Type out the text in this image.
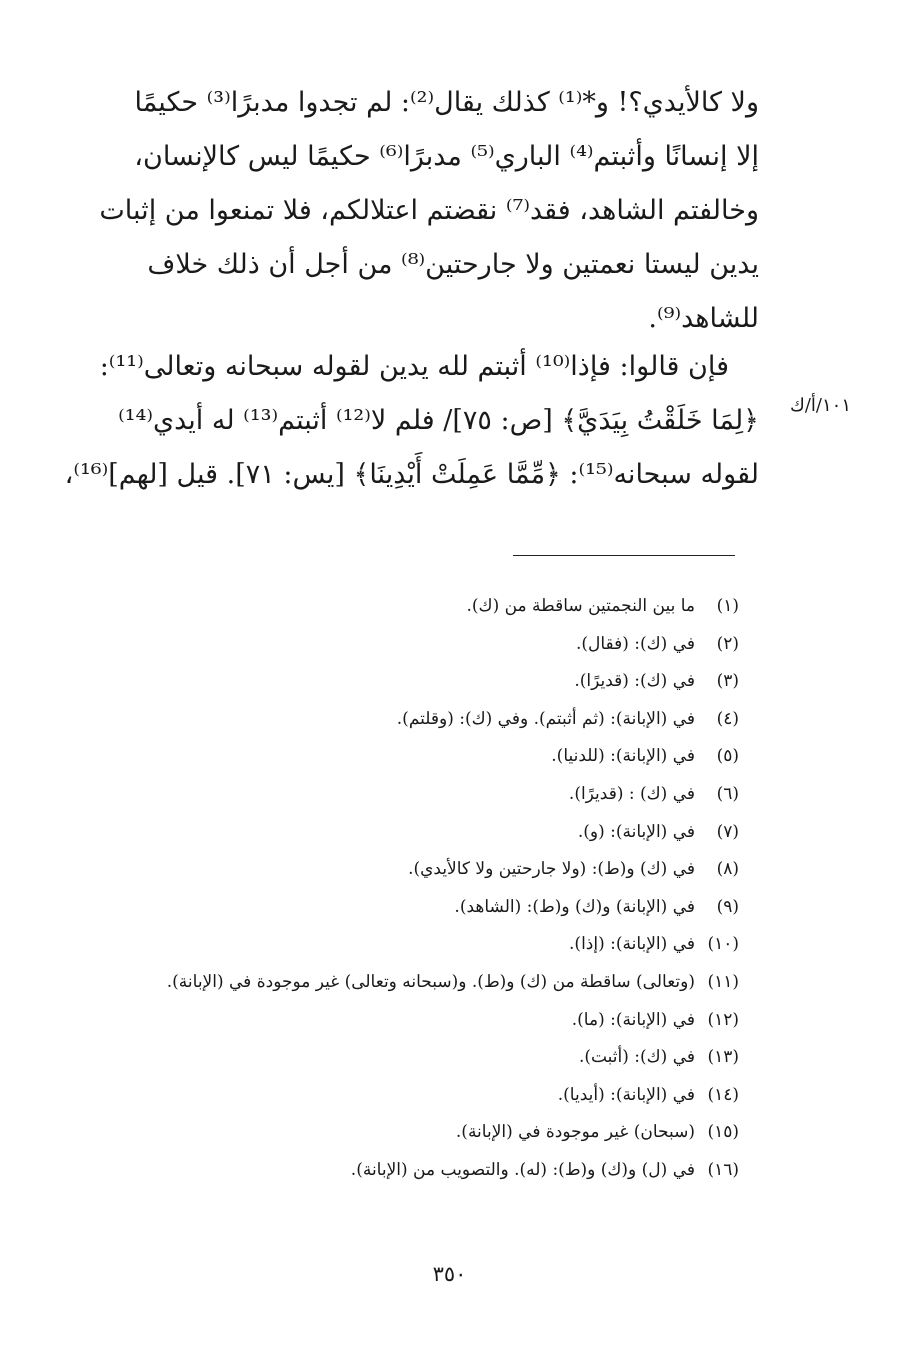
ولا كالأيدي؟! و*⁽¹⁾ كذلك يقال⁽²⁾: لم تجدوا مدبرًا⁽³⁾ حكيمًا
إلا إنسانًا وأثبتم⁽⁴⁾ الباري⁽⁵⁾ مدبرًا⁽⁶⁾ حكيمًا ليس كالإنسان،
وخالفتم الشاهد، فقد⁽⁷⁾ نقضتم اعتلالكم، فلا تمنعوا من إثبات
يدين ليستا نعمتين ولا جارحتين⁽⁸⁾ من أجل أن ذلك خلاف
للشاهد⁽⁹⁾.

فإن قالوا: فإذا⁽¹⁰⁾ أثبتم لله يدين لقوله سبحانه وتعالى⁽¹¹⁾:
﴿لِمَا خَلَقْتُ بِيَدَيَّ﴾ [ص: ٧٥]/ فلم لا⁽¹²⁾ أثبتم⁽¹³⁾ له أيدي⁽¹⁴⁾
لقوله سبحانه⁽¹⁵⁾: ﴿مِّمَّا عَمِلَتْ أَيْدِينَا﴾ [يس: ٧١]. قيل [لهم]⁽¹⁶⁾،

١٠١/أ/ك
(١)ما بين النجمتين ساقطة من (ك).
(٢)في (ك): (فقال).
(٣)في (ك): (قديرًا).
(٤)في (الإبانة): (ثم أثبتم). وفي (ك): (وقلتم).
(٥)في (الإبانة): (للدنيا).
(٦)في (ك) : (قديرًا).
(٧)في (الإبانة): (و).
(٨)في (ك) و(ط): (ولا جارحتين ولا كالأيدي).
(٩)في (الإبانة) و(ك) و(ط): (الشاهد).
(١٠)في (الإبانة): (إذا).
(١١)(وتعالى) ساقطة من (ك) و(ط). و(سبحانه وتعالى) غير موجودة في (الإبانة).
(١٢)في (الإبانة): (ما).
(١٣)في (ك): (أثبت).
(١٤)في (الإبانة): (أيديا).
(١٥)(سبحان) غير موجودة في (الإبانة).
(١٦)في (ل) و(ك) و(ط): (له). والتصويب من (الإبانة).
٣٥٠
